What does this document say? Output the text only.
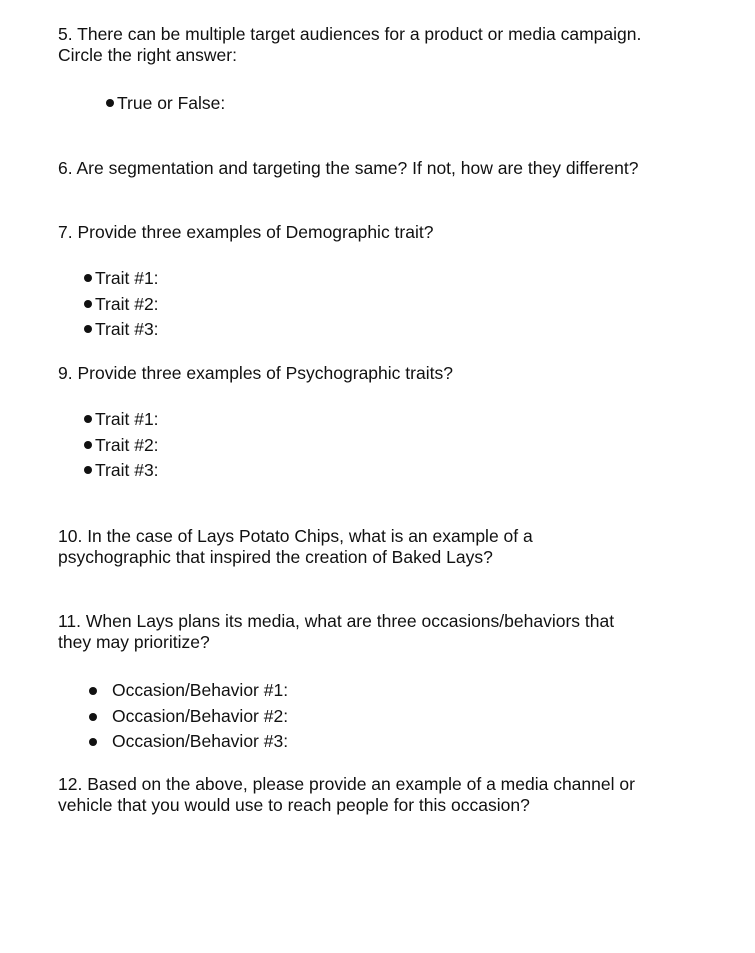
5. There can be multiple target audiences for a product or media campaign.
Circle the right answer:

True or False:

6. Are segmentation and targeting the same? If not, how are they different?

7. Provide three examples of Demographic trait?

Trait #1:
Trait #2:
Trait #3:

9. Provide three examples of Psychographic traits?

Trait #1:
Trait #2:
Trait #3:

10. In the case of Lays Potato Chips, what is an example of a
psychographic that inspired the creation of Baked Lays?

11. When Lays plans its media, what are three occasions/behaviors that
they may prioritize?

Occasion/Behavior #1:
Occasion/Behavior #2:
Occasion/Behavior #3:

12. Based on the above, please provide an example of a media channel or
vehicle that you would use to reach people for this occasion?
